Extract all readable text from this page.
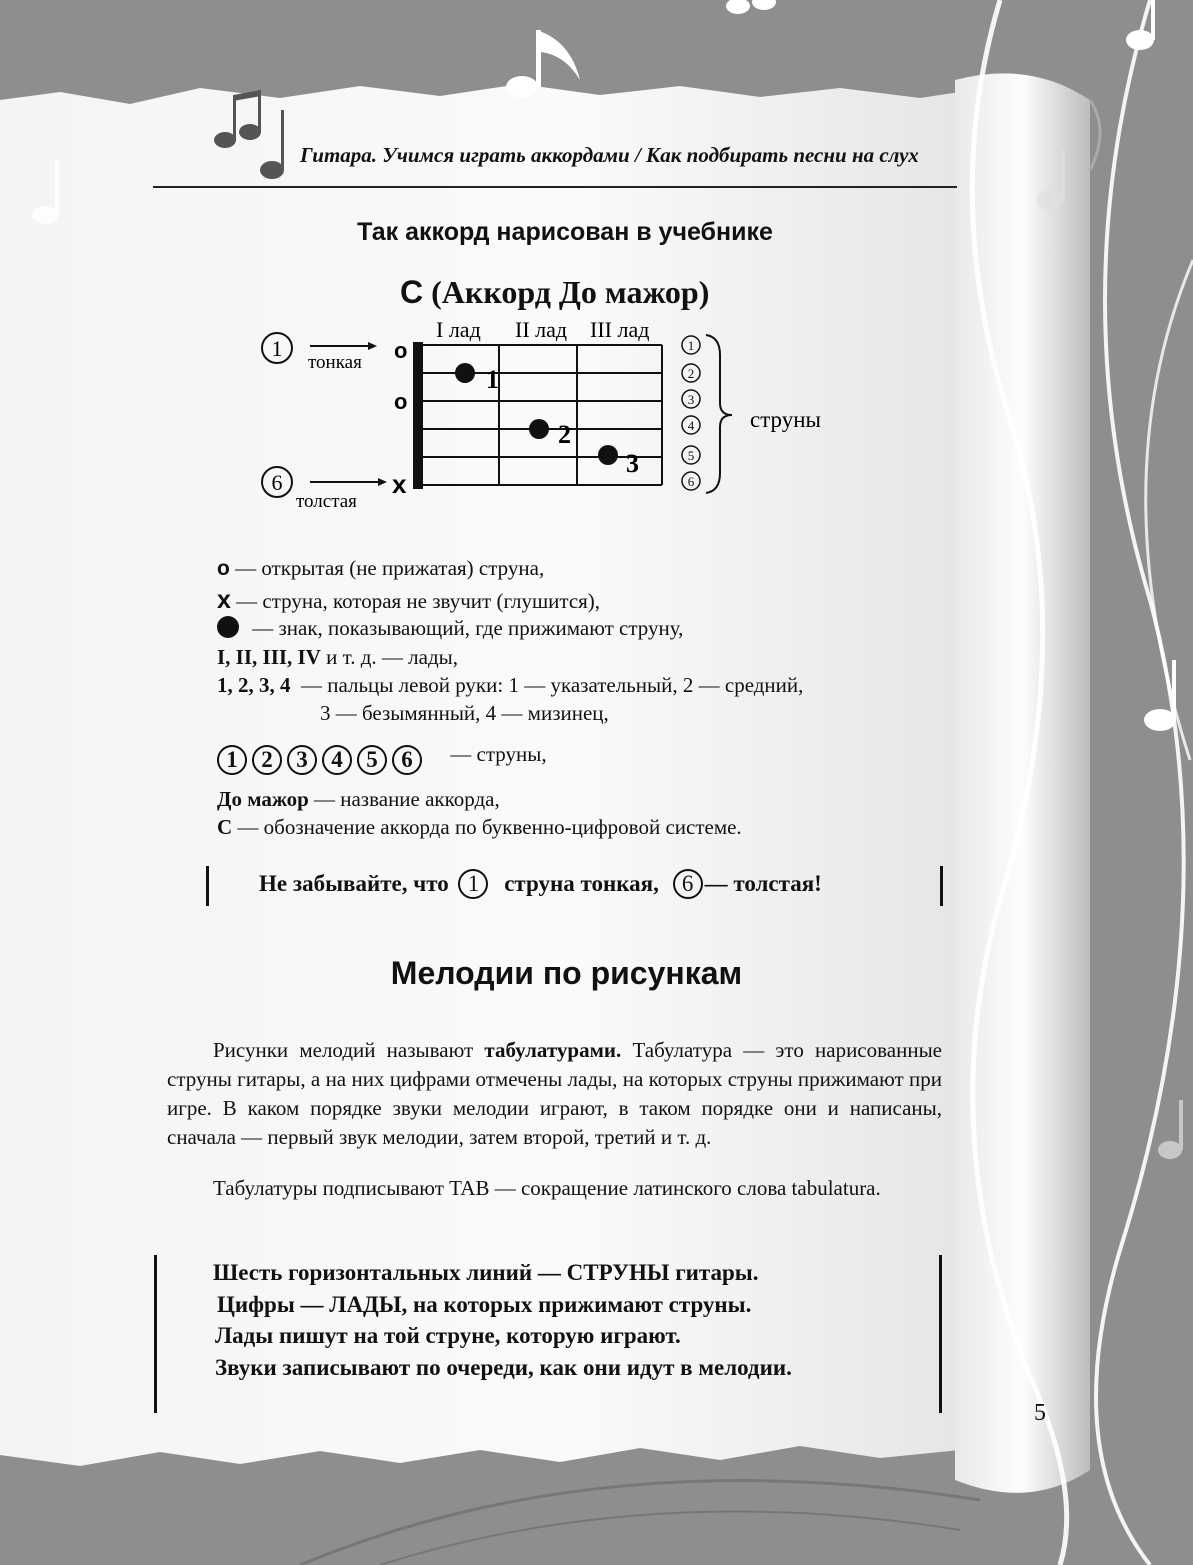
Гитара. Учимся играть аккордами / Как подбирать песни на слух
Так аккорд нарисован в учебнике
C (Аккорд До мажор)
I лад II лад III лад
o
o
x
1
2
3
1
2
3
4
5
6
струны
1
тонкая
6
толстая
o — открытая (не прижатая) струна,
x — струна, которая не звучит (глушится),
— знак, показывающий, где прижимают струну,
I, II, III, IV и т. д. — лады,
1, 2, 3, 4 — пальцы левой руки: 1 — указательный, 2 — средний,
3 — безымянный, 4 — мизинец,
1 2 3 4 5 6 — струны,
До мажор — название аккорда,
С — обозначение аккорда по буквенно-цифровой системе.
Не забывайте, что 1 струна тонкая, 6 — толстая!
Мелодии по рисункам
Рисунки мелодий называют табулатурами. Табулатура — это нарисованные струны гитары, а на них цифрами отмечены лады, на которых струны прижимают при игре. В каком порядке звуки мелодии играют, в таком порядке они и написаны, сначала — первый звук мелодии, затем второй, третий и т. д.
Табулатуры подписывают TAB — сокращение латинского слова tabulatura.
Шесть горизонтальных линий — СТРУНЫ гитары.
Цифры — ЛАДЫ, на которых прижимают струны.
Лады пишут на той струне, которую играют.
Звуки записывают по очереди, как они идут в мелодии.
5
